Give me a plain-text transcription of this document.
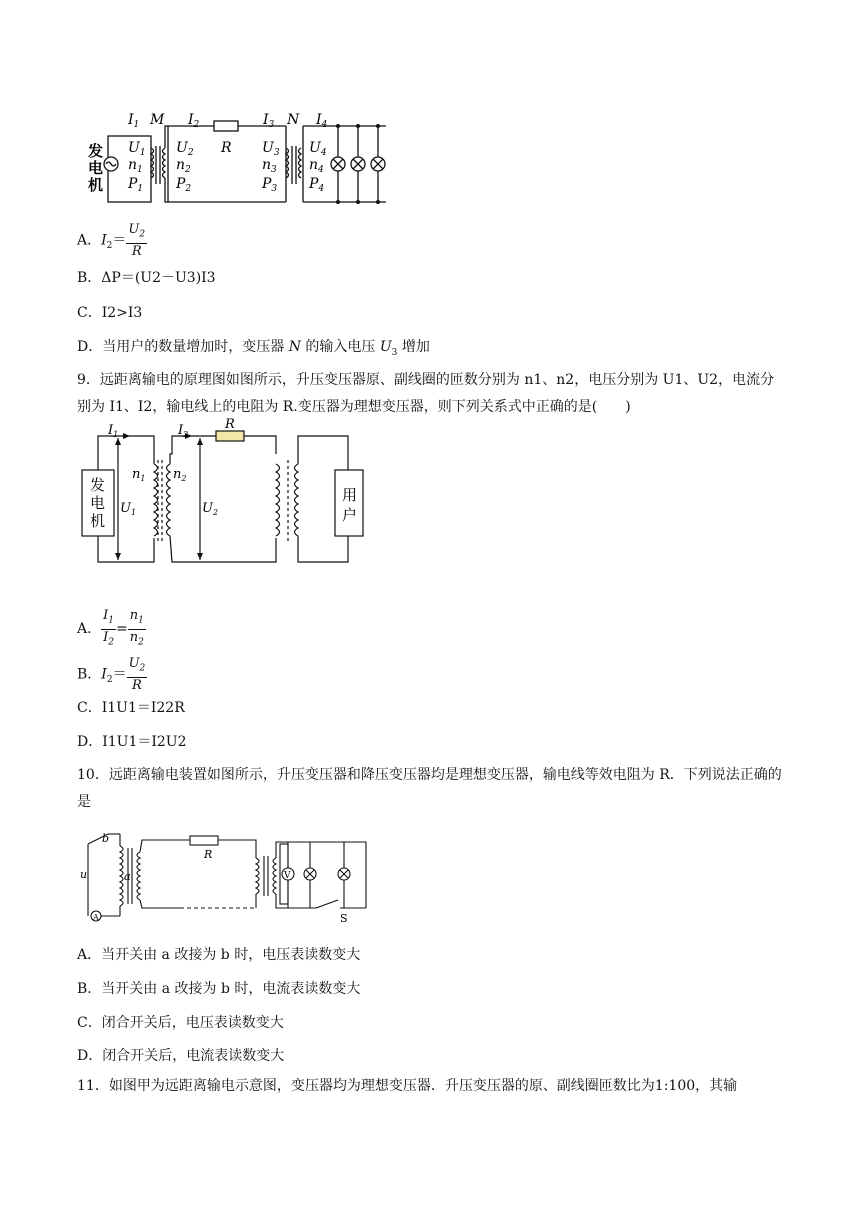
发
电
机
$I_1$ M $I_2$
R
$I_3$ N $I_4$
$U_1$
$n_1$
$P_1$
$U_2$
$n_2$
$P_2$
$U_3$
$n_3$
$P_3$
$U_4$
$n_4$
$P_4$
A．$I_2= \frac{U_2}{R}$
B．ΔP＝(U2－U3)I3
C．I2>I3
D．当用户的数量增加时，变压器 N 的输入电压 $U_3$ 增加
9．远距离输电的原理图如图所示，升压变压器原、副线圈的匝数分别为 n1、n2，电压分别为 U1、U2，电流分别为 I1、I2，输电线上的电阻为 R.变压器为理想变压器，则下列关系式中正确的是(　　)
发
电
机
用
户
$I_1$	$I_2$
R
$n_1$ $n_2$
$U_1$	$U_2$
A． $\frac{I_1}{I_2} = \frac{n_1}{n_2}$
B．$I_2= \frac{U_2}{R}$
C．I1U1＝I22R
D．I1U1＝I2U2
10．远距离输电装置如图所示，升压变压器和降压变压器均是理想变压器，输电线等效电阻为 R．下列说法正确的是
b
a
u
R
V
A	S
A．当开关由 a 改接为 b 时，电压表读数变大
B．当开关由 a 改接为 b 时，电流表读数变大
C．闭合开关后，电压表读数变大
D．闭合开关后，电流表读数变大
11．如图甲为远距离输电示意图，变压器均为理想变压器．升压变压器的原、副线圈匝数比为1:100，其输
